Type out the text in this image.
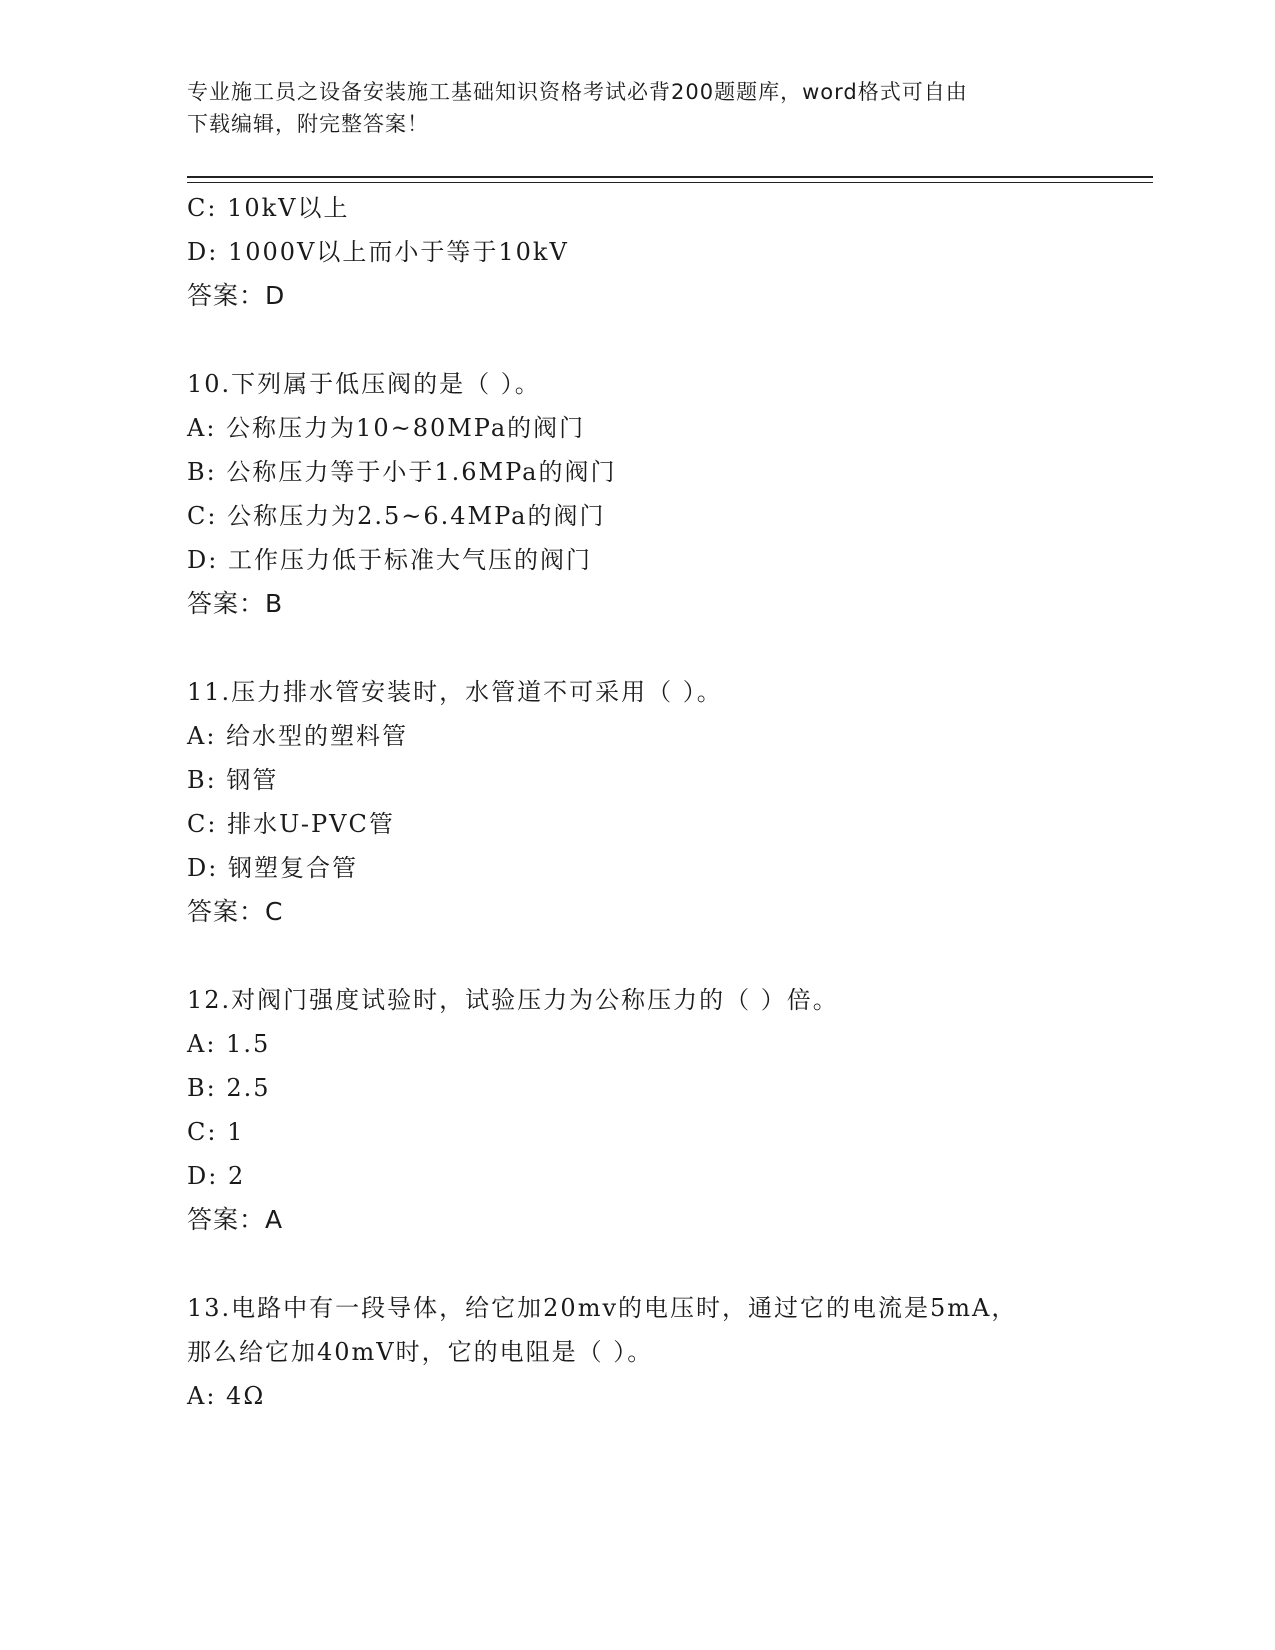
专业施工员之设备安装施工基础知识资格考试必背200题题库，word格式可自由
下载编辑，附完整答案！
C: 10kV以上
D: 1000V以上而小于等于10kV
答案：D
10.下列属于低压阀的是（ ）。
A: 公称压力为10~80MPa的阀门
B: 公称压力等于小于1.6MPa的阀门
C: 公称压力为2.5~6.4MPa的阀门
D: 工作压力低于标准大气压的阀门
答案：B
11.压力排水管安装时，水管道不可采用（ ）。
A: 给水型的塑料管
B: 钢管
C: 排水U-PVC管
D: 钢塑复合管
答案：C
12.对阀门强度试验时，试验压力为公称压力的（ ）倍。
A: 1.5
B: 2.5
C: 1
D: 2
答案：A
13.电路中有一段导体，给它加20mv的电压时，通过它的电流是5mA，
那么给它加40mV时，它的电阻是（ ）。
A: 4Ω
